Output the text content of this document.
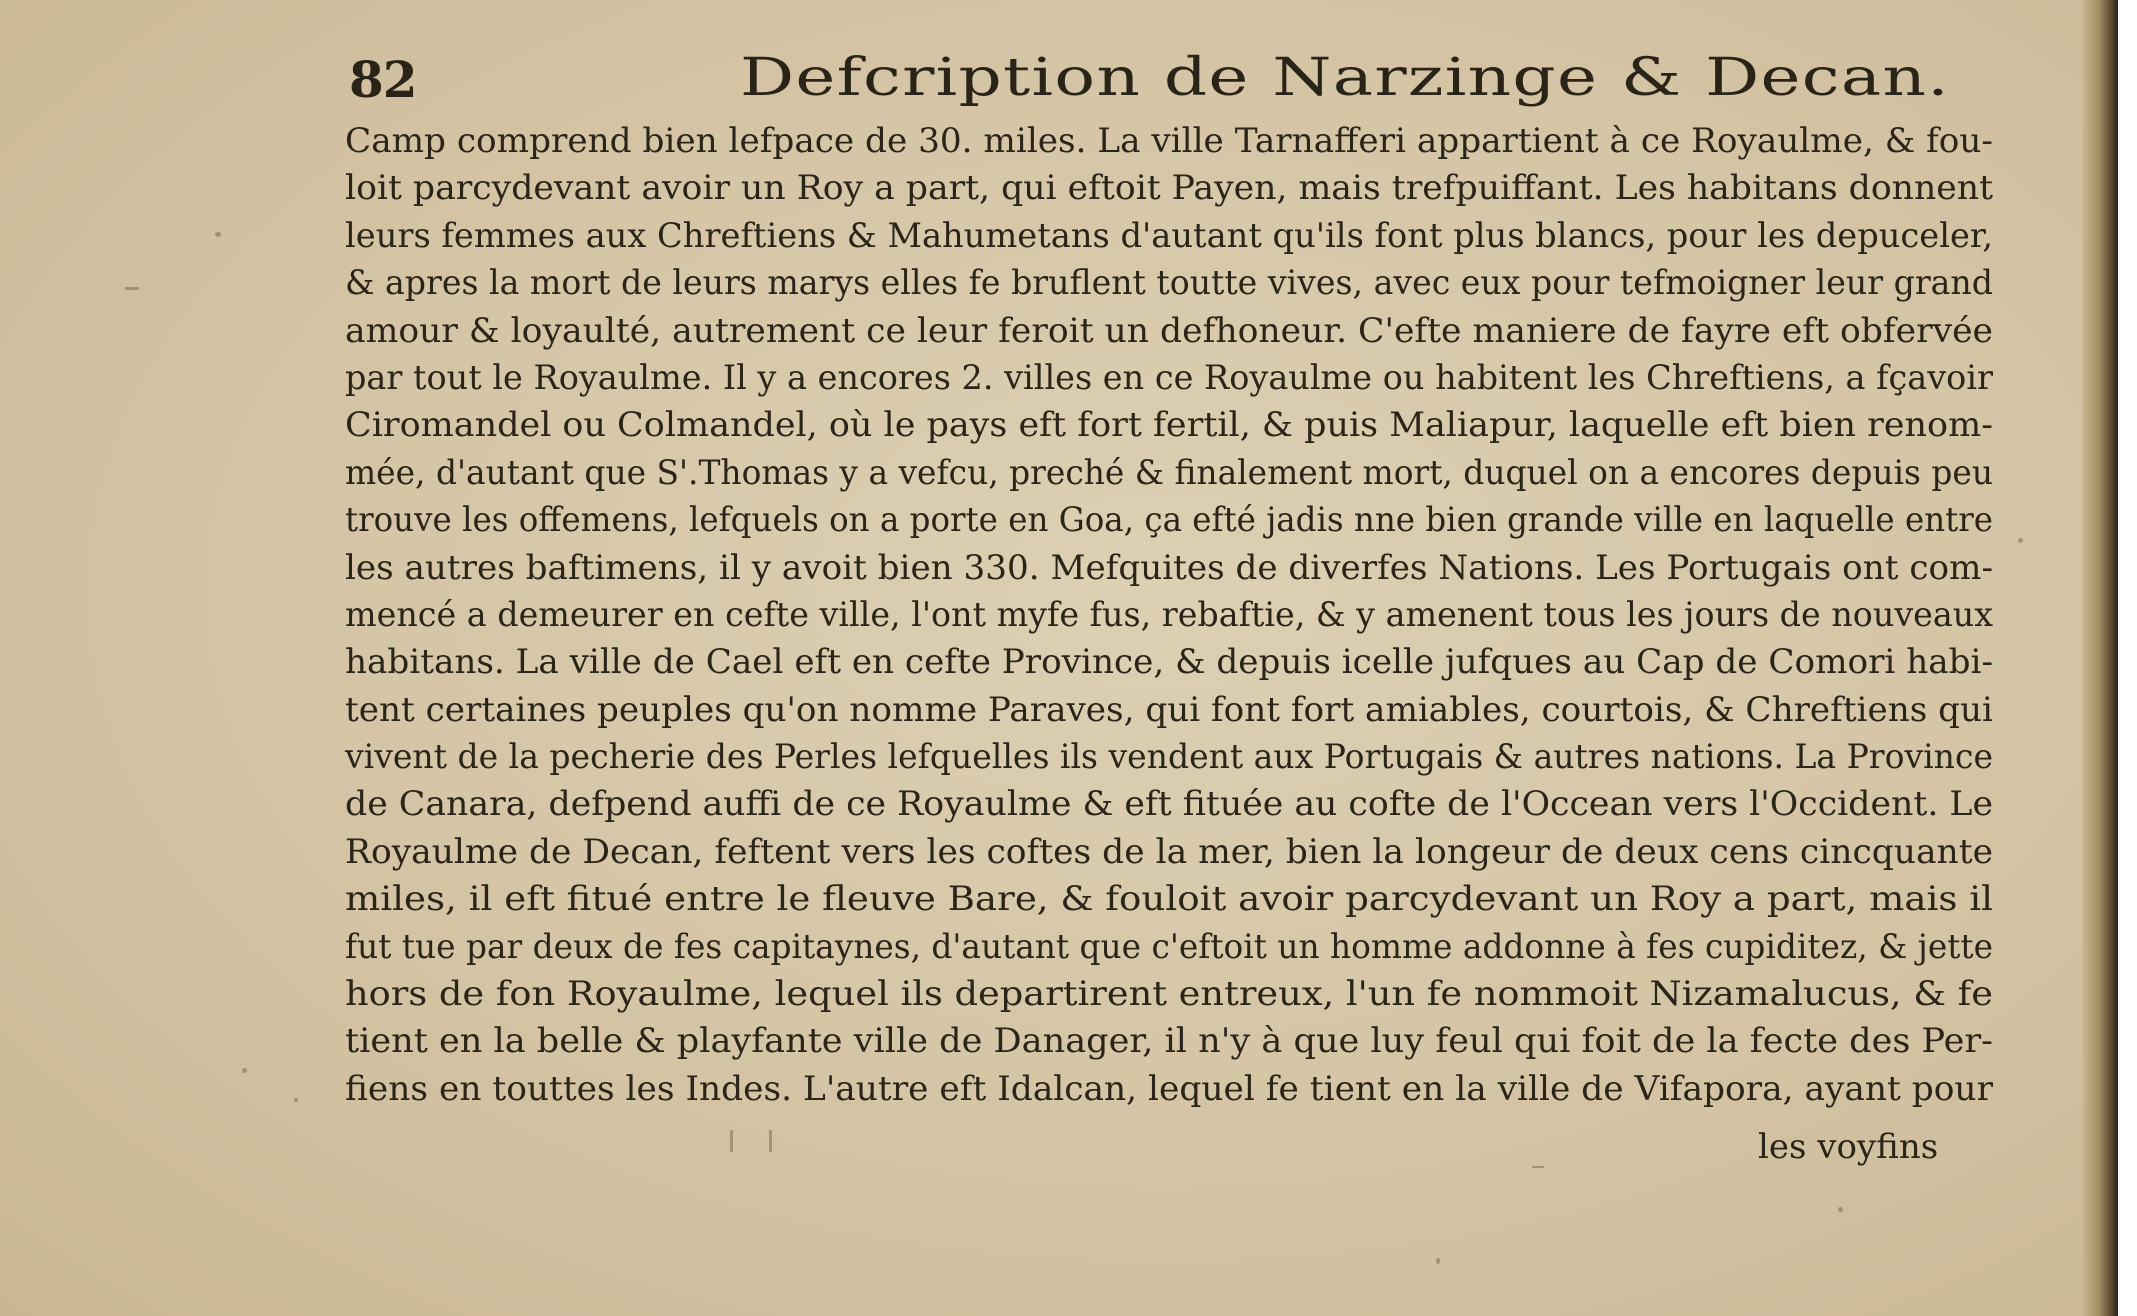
82	Defcription de Narzinge & Decan.
Camp comprend bien lefpace de 30. miles. La ville Tarnafferi appartient à ce Royaulme, & fou-
loit parcydevant avoir un Roy a part, qui eftoit Payen, mais trefpuiffant. Les habitans donnent
leurs femmes aux Chreftiens & Mahumetans d'autant qu'ils font plus blancs, pour les depuceler,
& apres la mort de leurs marys elles fe bruflent toutte vives, avec eux pour tefmoigner leur grand
amour & loyaulté, autrement ce leur feroit un defhoneur. C'efte maniere de fayre eft obfervée
par tout le Royaulme. Il y a encores 2. villes en ce Royaulme ou habitent les Chreftiens, a fçavoir
Ciromandel ou Colmandel, où le pays eft fort fertil, & puis Maliapur, laquelle eft bien renom-
mée, d'autant que S'.Thomas y a vefcu, preché & finalement mort, duquel on a encores depuis peu
trouve les offemens, lefquels on a porte en Goa, ça efté jadis nne bien grande ville en laquelle entre
les autres baftimens, il y avoit bien 330. Mefquites de diverfes Nations. Les Portugais ont com-
mencé a demeurer en cefte ville, l'ont myfe fus, rebaftie, & y amenent tous les jours de nouveaux
habitans. La ville de Cael eft en cefte Province, & depuis icelle jufques au Cap de Comori habi-
tent certaines peuples qu'on nomme Paraves, qui font fort amiables, courtois, & Chreftiens qui
vivent de la pecherie des Perles lefquelles ils vendent aux Portugais & autres nations. La Province
de Canara, defpend auffi de ce Royaulme & eft fituée au cofte de l'Occean vers l'Occident. Le
Royaulme de Decan, feftent vers les coftes de la mer, bien la longeur de deux cens cincquante
miles, il eft fitué entre le fleuve Bare, & fouloit avoir parcydevant un Roy a part, mais il
fut tue par deux de fes capitaynes, d'autant que c'eftoit un homme addonne à fes cupiditez, & jette
hors de fon Royaulme, lequel ils departirent entreux, l'un fe nommoit Nizamalucus, & fe
tient en la belle & playfante ville de Danager, il n'y à que luy feul qui foit de la fecte des Per-
fiens en touttes les Indes. L'autre eft Idalcan, lequel fe tient en la ville de Vifapora, ayant pour
les voyfins
